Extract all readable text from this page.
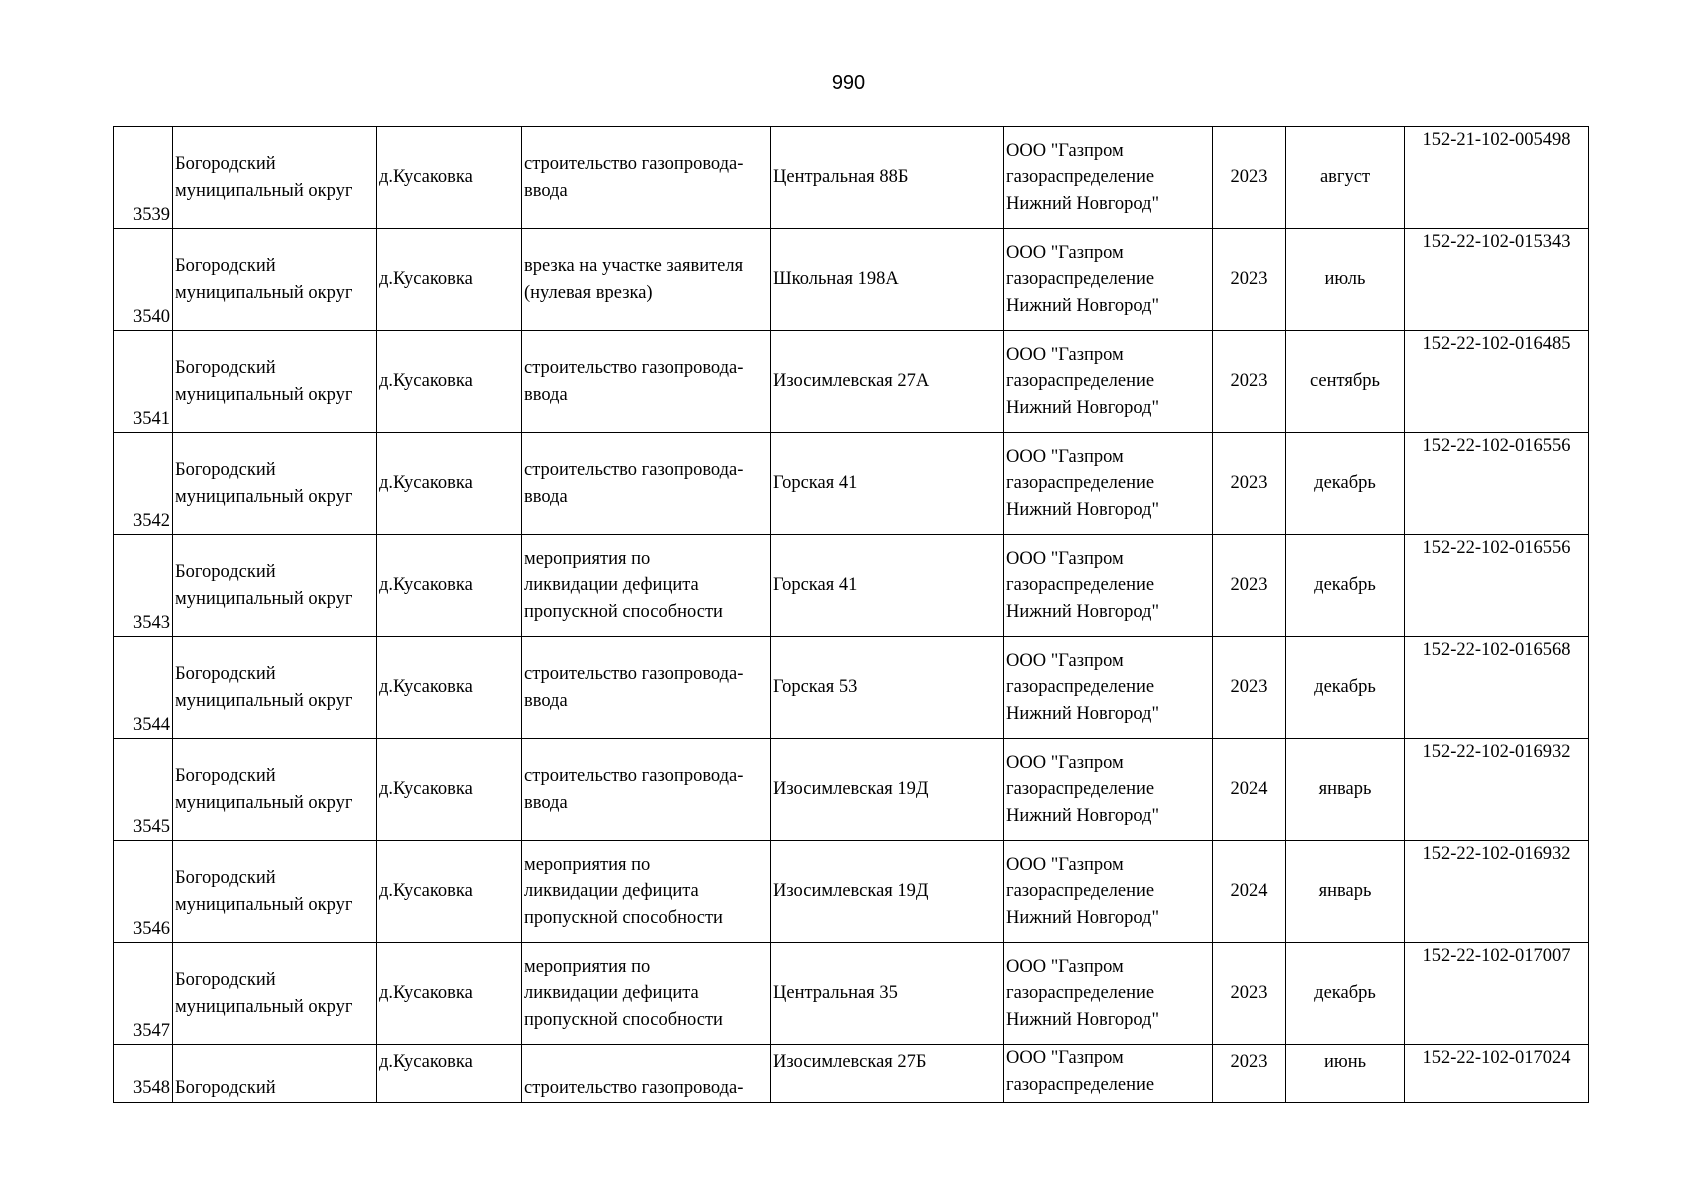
990
3539	Богородский
муниципальный округ	д.Кусаковка	строительство газопровода-
ввода	Центральная 88Б	ООО "Газпром
газораспределение
Нижний Новгород"	2023	август	152-21-102-005498
3540	Богородский
муниципальный округ	д.Кусаковка	врезка на участке заявителя
(нулевая врезка)	Школьная 198А	ООО "Газпром
газораспределение
Нижний Новгород"	2023	июль	152-22-102-015343
3541	Богородский
муниципальный округ	д.Кусаковка	строительство газопровода-
ввода	Изосимлевская 27А	ООО "Газпром
газораспределение
Нижний Новгород"	2023	сентябрь	152-22-102-016485
3542	Богородский
муниципальный округ	д.Кусаковка	строительство газопровода-
ввода	Горская 41	ООО "Газпром
газораспределение
Нижний Новгород"	2023	декабрь	152-22-102-016556
3543	Богородский
муниципальный округ	д.Кусаковка	мероприятия по
ликвидации дефицита
пропускной способности	Горская 41	ООО "Газпром
газораспределение
Нижний Новгород"	2023	декабрь	152-22-102-016556
3544	Богородский
муниципальный округ	д.Кусаковка	строительство газопровода-
ввода	Горская 53	ООО "Газпром
газораспределение
Нижний Новгород"	2023	декабрь	152-22-102-016568
3545	Богородский
муниципальный округ	д.Кусаковка	строительство газопровода-
ввода	Изосимлевская 19Д	ООО "Газпром
газораспределение
Нижний Новгород"	2024	январь	152-22-102-016932
3546	Богородский
муниципальный округ	д.Кусаковка	мероприятия по
ликвидации дефицита
пропускной способности	Изосимлевская 19Д	ООО "Газпром
газораспределение
Нижний Новгород"	2024	январь	152-22-102-016932
3547	Богородский
муниципальный округ	д.Кусаковка	мероприятия по
ликвидации дефицита
пропускной способности	Центральная 35	ООО "Газпром
газораспределение
Нижний Новгород"	2023	декабрь	152-22-102-017007
3548	Богородский	д.Кусаковка	строительство газопровода-	Изосимлевская 27Б	ООО "Газпром
газораспределение	2023	июнь	152-22-102-017024
